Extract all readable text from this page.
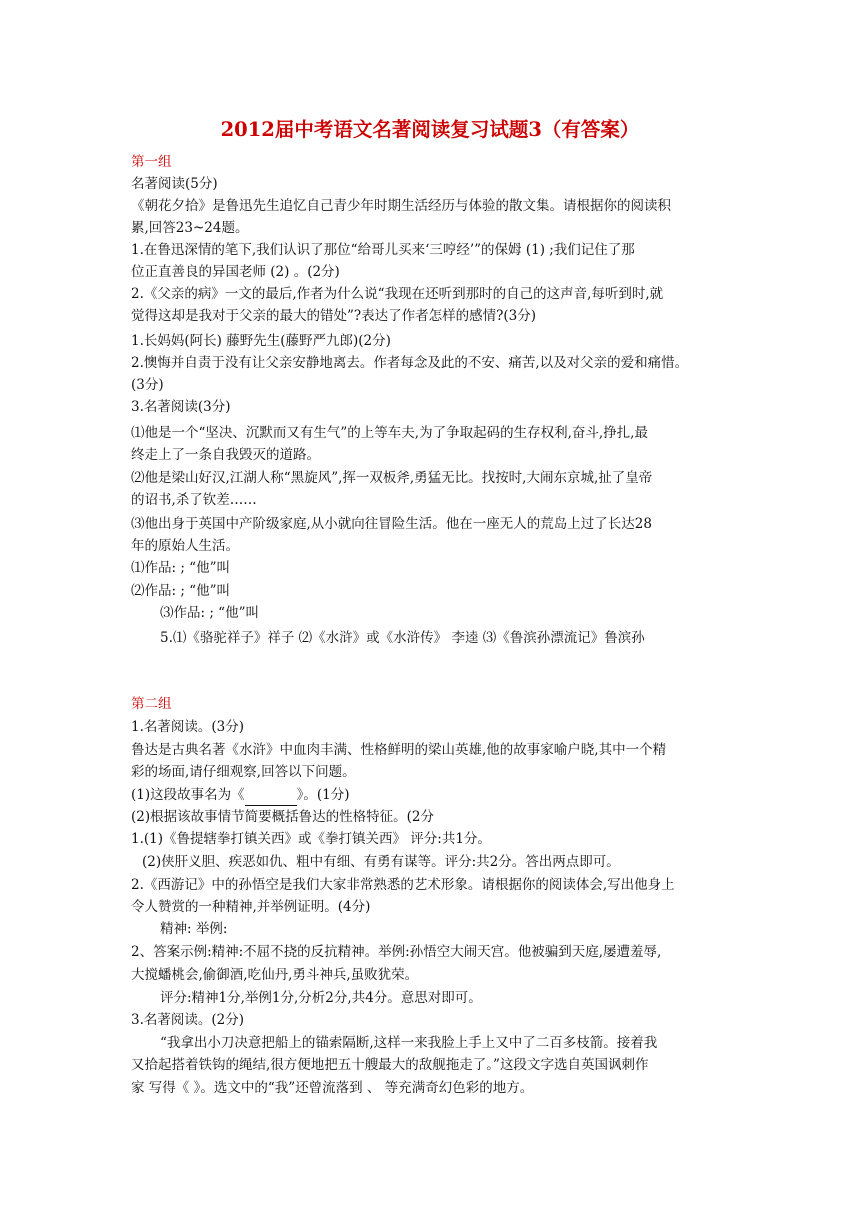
2012届中考语文名著阅读复习试题3（有答案）
第一组
名著阅读(5分)
《朝花夕拾》是鲁迅先生追忆自己青少年时期生活经历与体验的散文集。请根据你的阅读积
累,回答23~24题。
1.在鲁迅深情的笔下,我们认识了那位“给哥儿买来‘三哼经’”的保姆 (1) ;我们记住了那
位正直善良的异国老师 (2) 。(2分)
2.《父亲的病》一文的最后,作者为什么说“我现在还听到那时的自己的这声音,每听到时,就
觉得这却是我对于父亲的最大的错处”?表达了作者怎样的感情?(3分)
1.长妈妈(阿长) 藤野先生(藤野严九郎)(2分)
2.懊悔并自责于没有让父亲安静地离去。作者每念及此的不安、痛苦,以及对父亲的爱和痛惜。
(3分)
3.名著阅读(3分)
⑴他是一个“坚决、沉默而又有生气”的上等车夫,为了争取起码的生存权利,奋斗,挣扎,最
终走上了一条自我毁灭的道路。
⑵他是梁山好汉,江湖人称“黑旋风”,挥一双板斧,勇猛无比。找按时,大闹东京城,扯了皇帝
的诏书,杀了钦差……
⑶他出身于英国中产阶级家庭,从小就向往冒险生活。他在一座无人的荒岛上过了长达28
年的原始人生活。
⑴作品: ; “他”叫
⑵作品: ; “他”叫
⑶作品: ; “他”叫
5.⑴《骆驼祥子》祥子 ⑵《水浒》或《水浒传》 李逵 ⑶《鲁滨孙漂流记》鲁滨孙
第二组
1.名著阅读。(3分)
鲁达是古典名著《水浒》中血肉丰满、性格鲜明的梁山英雄,他的故事家喻户晓,其中一个精
彩的场面,请仔细观察,回答以下问题。
(1)这段故事名为《	》。(1分)
(2)根据该故事情节简要概括鲁达的性格特征。(2分
1.(1)《鲁提辖拳打镇关西》或《拳打镇关西》 评分:共1分。
(2)侠肝义胆、疾恶如仇、粗中有细、有勇有谋等。评分:共2分。答出两点即可。
2.《西游记》中的孙悟空是我们大家非常熟悉的艺术形象。请根据你的阅读体会,写出他身上
令人赞赏的一种精神,并举例证明。(4分)
精神: 举例:
2、答案示例:精神:不屈不挠的反抗精神。举例:孙悟空大闹天宫。他被骗到天庭,屡遭羞辱,
大搅蟠桃会,偷御酒,吃仙丹,勇斗神兵,虽败犹荣。
评分:精神1分,举例1分,分析2分,共4分。意思对即可。
3.名著阅读。(2分)
“我拿出小刀决意把船上的锚索隔断,这样一来我脸上手上又中了二百多枝箭。接着我
又拾起搭着铁钩的绳结,很方便地把五十艘最大的敌舰拖走了。”这段文字选自英国讽刺作
家 写得《 》。选文中的“我”还曾流落到 、 等充满奇幻色彩的地方。
